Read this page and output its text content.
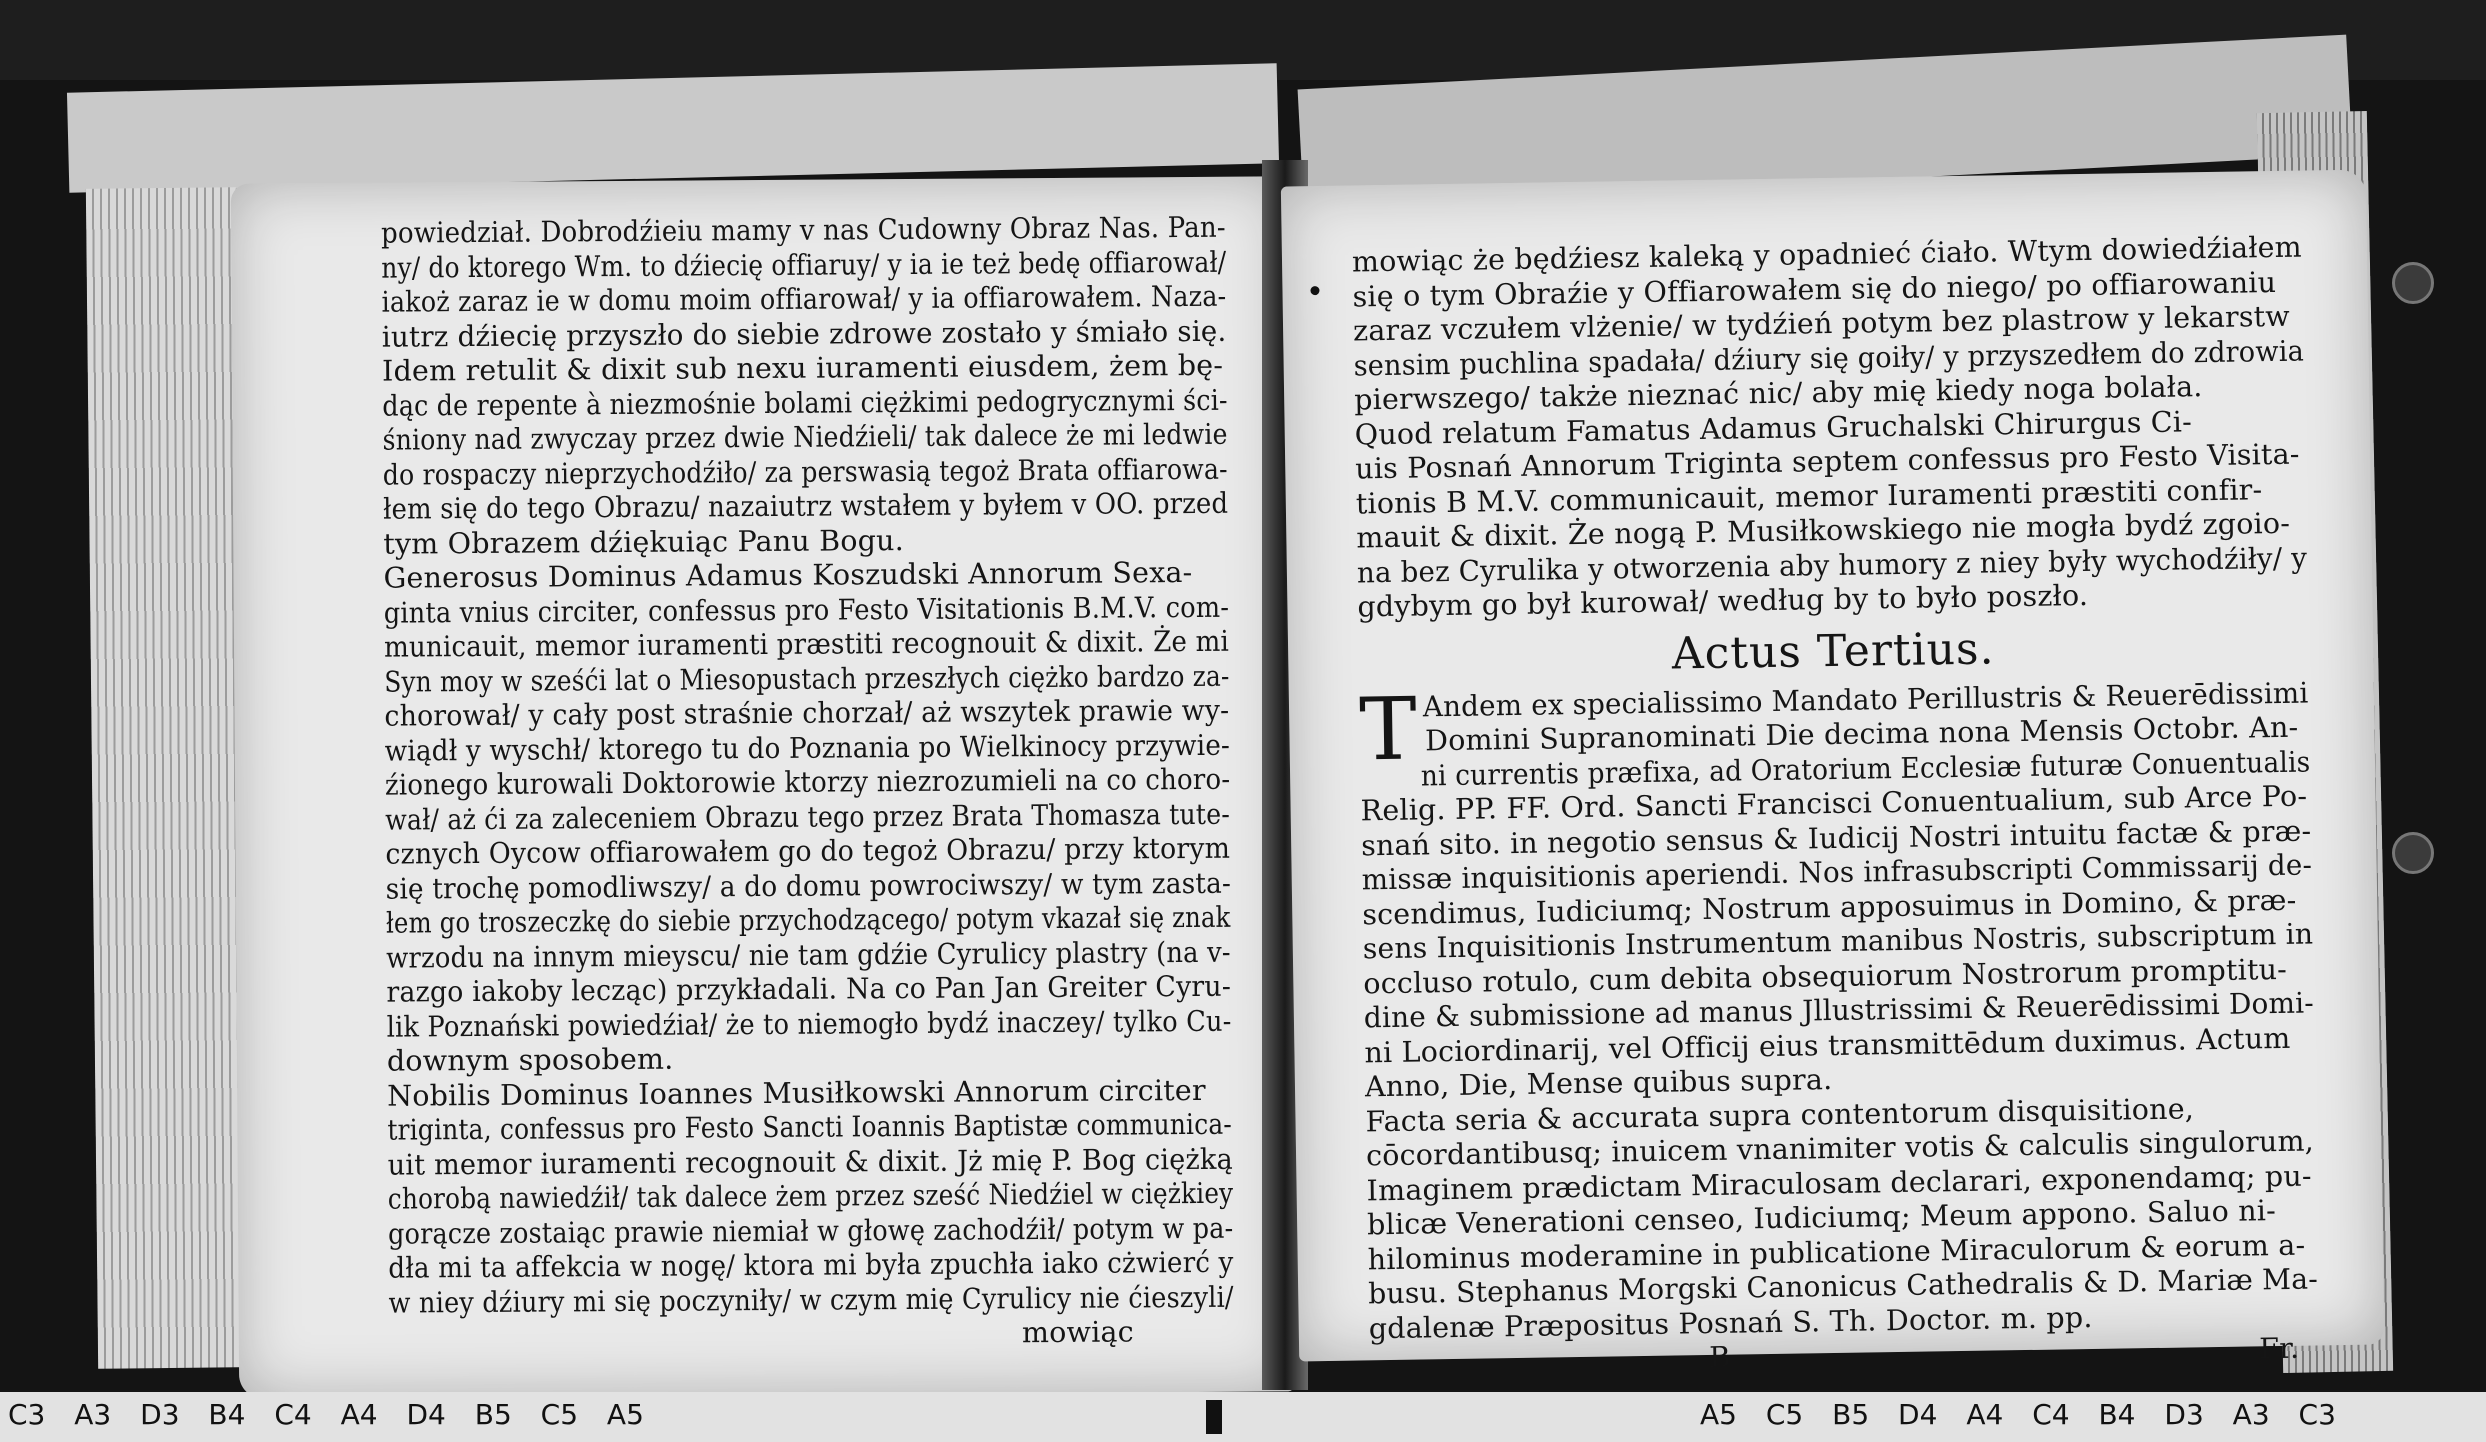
powiedział. Dobrodźieiu mamy v nas Cudowny Obraz Nas. Pan-
ny/ do ktorego Wm. to dźiecię offiaruy/ y ia ie też bedę offiarował/
iakoż zaraz ie w domu moim offiarował/ y ia offiarowałem. Naza-
iutrz dźiecię przyszło do siebie zdrowe zostało y śmiało się.
Idem retulit & dixit sub nexu iuramenti eiusdem, żem bę-
dąc de repente à niezmośnie bolami ciężkimi pedogrycznymi ści-
śniony nad zwyczay przez dwie Niedźieli/ tak dalece że mi ledwie
do rospaczy nieprzychodźiło/ za perswasią tegoż Brata offiarowa-
łem się do tego Obrazu/ nazaiutrz wstałem y byłem v OO. przed
tym Obrazem dźiękuiąc Panu Bogu.
Generosus Dominus Adamus Koszudski Annorum Sexa-
ginta vnius circiter, confessus pro Festo Visitationis B.M.V. com-
municauit, memor iuramenti præstiti recognouit & dixit. Że mi
Syn moy w sześći lat o Miesopustach przeszłych ciężko bardzo za-
chorował/ y cały post straśnie chorzał/ aż wszytek prawie wy-
wiądł y wyschł/ ktorego tu do Poznania po Wielkinocy przywie-
źionego kurowali Doktorowie ktorzy niezrozumieli na co choro-
wał/ aż ći za zaleceniem Obrazu tego przez Brata Thomasza tute-
cznych Oycow offiarowałem go do tegoż Obrazu/ przy ktorym
się trochę pomodliwszy/ a do domu powrociwszy/ w tym zasta-
łem go troszeczkę do siebie przychodzącego/ potym vkazał się znak
wrzodu na innym mieyscu/ nie tam gdźie Cyrulicy plastry (na v-
razgo iakoby lecząc) przykładali. Na co Pan Jan Greiter Cyru-
lik Poznański powiedźiał/ że to niemogło bydź inaczey/ tylko Cu-
downym sposobem.
Nobilis Dominus Ioannes Musiłkowski Annorum circiter
triginta, confessus pro Festo Sancti Ioannis Baptistæ communica-
uit memor iuramenti recognouit & dixit. Jż mię P. Bog ciężką
chorobą nawiedźił/ tak dalece żem przez sześć Niedźiel w ciężkiey
gorącze zostaiąc prawie niemiał w głowę zachodźił/ potym w pa-
dła mi ta affekcia w nogę/ ktora mi była zpuchła iako cżwierć y
w niey dźiury mi się poczyniły/ w czym mię Cyrulicy nie ćieszyli/
mowiąc
mowiąc że będźiesz kaleką y opadnieć ćiało. Wtym dowiedźiałem
się o tym Obraźie y Offiarowałem się do niego/ po offiarowaniu
zaraz vczułem vlżenie/ w tydźień potym bez plastrow y lekarstw
sensim puchlina spadała/ dźiury się goiły/ y przyszedłem do zdrowia
pierwszego/ także nieznać nic/ aby mię kiedy noga bolała.
Quod relatum Famatus Adamus Gruchalski Chirurgus Ci-
uis Posnań Annorum Triginta septem confessus pro Festo Visita-
tionis B M.V. communicauit, memor Iuramenti præstiti confir-
mauit & dixit. Że nogą P. Musiłkowskiego nie mogła bydź zgoio-
na bez Cyrulika y otworzenia aby humory z niey były wychodźiły/ y
gdybym go był kurował/ według by to było poszło.
Actus Tertius.
T Andem ex specialissimo Mandato Perillustris & Reuerēdissimi
Domini Supranominati Die decima nona Mensis Octobr. An-
ni currentis præfixa, ad Oratorium Ecclesiæ futuræ Conuentualis
Relig. PP. FF. Ord. Sancti Francisci Conuentualium, sub Arce Po-
snań sito. in negotio sensus & Iudicij Nostri intuitu factæ & præ-
missæ inquisitionis aperiendi. Nos infrasubscripti Commissarij de-
scendimus, Iudiciumq; Nostrum apposuimus in Domino, & præ-
sens Inquisitionis Instrumentum manibus Nostris, subscriptum in
occluso rotulo, cum debita obsequiorum Nostrorum promptitu-
dine & submissione ad manus Jllustrissimi & Reuerēdissimi Domi-
ni Lociordinarij, vel Officij eius transmittēdum duximus. Actum
Anno, Die, Mense quibus supra.
Facta seria & accurata supra contentorum disquisitione,
cōcordantibusq; inuicem vnanimiter votis & calculis singulorum,
Imaginem prædictam Miraculosam declarari, exponendamq; pu-
blicæ Venerationi censeo, Iudiciumq; Meum appono. Saluo ni-
hilominus moderamine in publicatione Miraculorum & eorum a-
busu. Stephanus Morgski Canonicus Cathedralis & D. Mariæ Ma-
gdalenæ Præpositus Posnań S. Th. Doctor. m. pp.
B	Fr.
C3 A3 D3 B4 C4 A4 D4 B5 C5 A5	A5 C5 B5 D4 A4 C4 B4 D3 A3 C3
